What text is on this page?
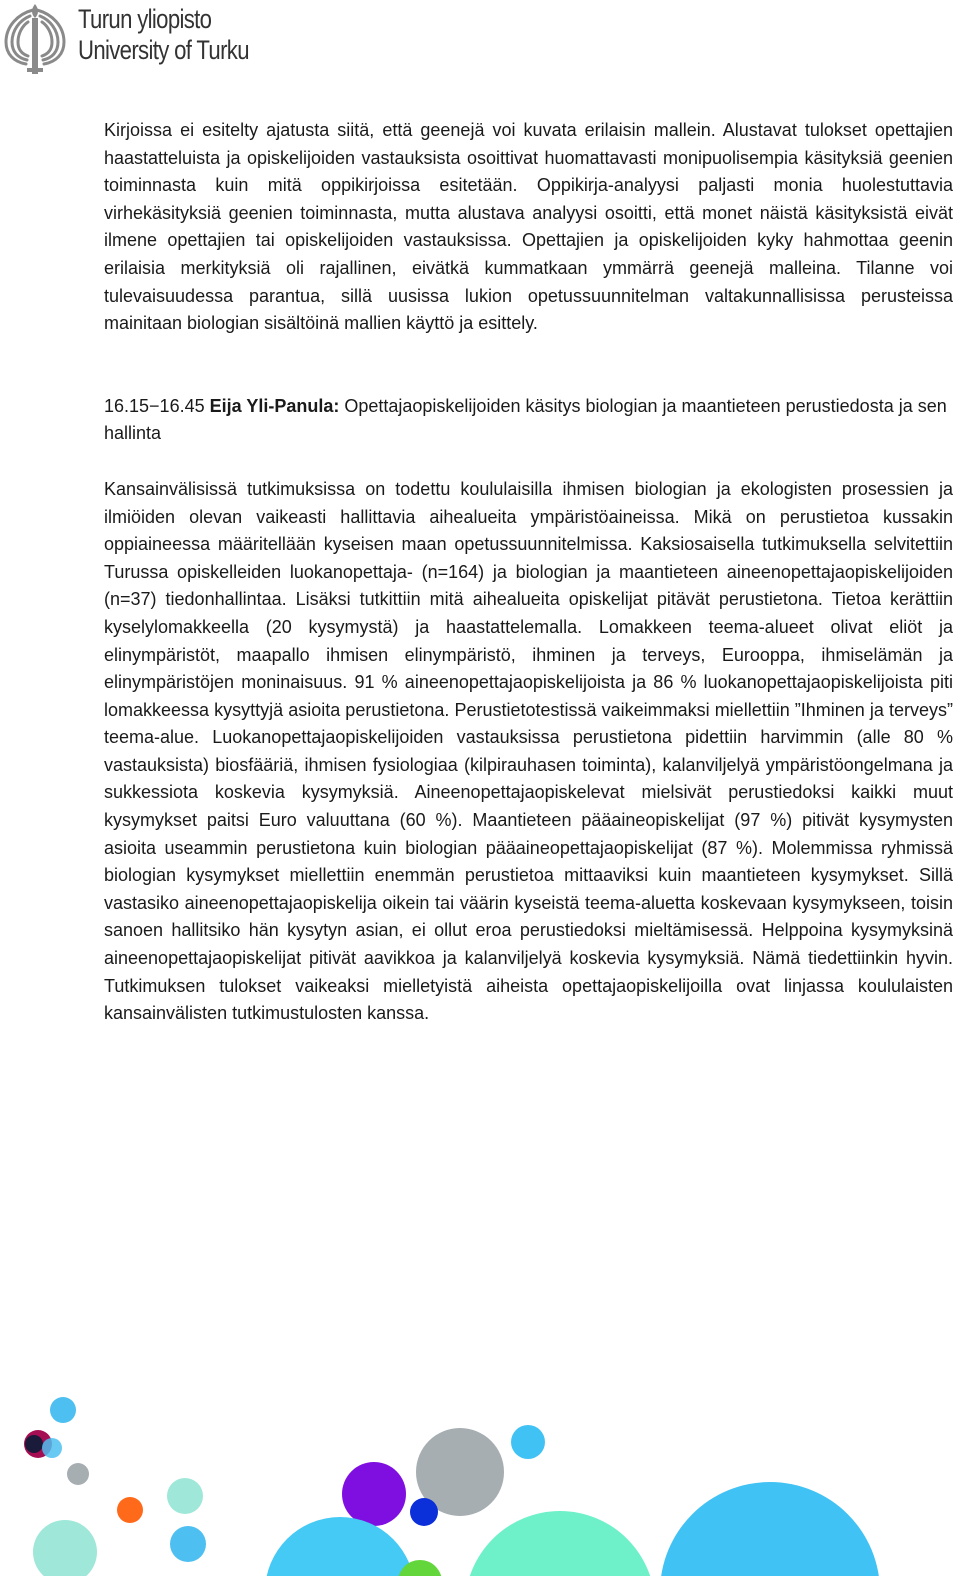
Turun yliopisto
University of Turku

Kirjoissa ei esitelty ajatusta siitä, että geenejä voi kuvata erilaisin mallein. Alustavat tulokset opettajien haastatteluista ja opiskelijoiden vastauksista osoittivat huomattavasti monipuolisempia käsityksiä geenien toiminnasta kuin mitä oppikirjoissa esitetään. Oppikirja-analyysi paljasti monia huolestuttavia virhekäsityksiä geenien toiminnasta, mutta alustava analyysi osoitti, että monet näistä käsityksistä eivät ilmene opettajien tai opiskelijoiden vastauksissa. Opettajien ja opiskelijoiden kyky hahmottaa geenin erilaisia merkityksiä oli rajallinen, eivätkä kummatkaan ymmärrä geenejä malleina. Tilanne voi tulevaisuudessa parantua, sillä uusissa lukion opetussuunnitelman valtakunnallisissa perusteissa mainitaan biologian sisältöinä mallien käyttö ja esittely.

16.15−16.45 Eija Yli-Panula: Opettajaopiskelijoiden käsitys biologian ja maantieteen perustiedosta ja sen hallinta

Kansainvälisissä tutkimuksissa on todettu koululaisilla ihmisen biologian ja ekologisten prosessien ja ilmiöiden olevan vaikeasti hallittavia aihealueita ympäristöaineissa. Mikä on perustietoa kussakin oppiaineessa määritellään kyseisen maan opetussuunnitelmissa. Kaksiosaisella tutkimuksella selvitettiin Turussa opiskelleiden luokanopettaja- (n=164) ja biologian ja maantieteen aineenopettajaopiskelijoiden (n=37) tiedonhallintaa. Lisäksi tutkittiin mitä aihealueita opiskelijat pitävät perustietona. Tietoa kerättiin kyselylomakkeella (20 kysymystä) ja haastattelemalla. Lomakkeen teema-alueet olivat eliöt ja elinympäristöt, maapallo ihmisen elinympäristö, ihminen ja terveys, Eurooppa, ihmiselämän ja elinympäristöjen moninaisuus. 91 % aineenopettajaopiskelijoista ja 86 % luokanopettajaopiskelijoista piti lomakkeessa kysyttyjä asioita perustietona. Perustietotestissä vaikeimmaksi miellettiin ”Ihminen ja terveys” teema-alue. Luokanopettajaopiskelijoiden vastauksissa perustietona pidettiin harvimmin (alle 80 % vastauksista) biosfääriä, ihmisen fysiologiaa (kilpirauhasen toiminta), kalanviljelyä ympäristöongelmana ja sukkessiota koskevia kysymyksiä. Aineenopettajaopiskelevat mielsivät perustiedoksi kaikki muut kysymykset paitsi Euro valuuttana (60 %). Maantieteen pääaineopiskelijat (97 %) pitivät kysymysten asioita useammin perustietona kuin biologian pääaineopettajaopiskelijat (87 %). Molemmissa ryhmissä biologian kysymykset miellettiin enemmän perustietoa mittaaviksi kuin maantieteen kysymykset. Sillä vastasiko aineenopettajaopiskelija oikein tai väärin kyseistä teema-aluetta koskevaan kysymykseen, toisin sanoen hallitsiko hän kysytyn asian, ei ollut eroa perustiedoksi mieltämisessä. Helppoina kysymyksinä aineenopettajaopiskelijat pitivät aavikkoa ja kalanviljelyä koskevia kysymyksiä. Nämä tiedettiinkin hyvin. Tutkimuksen tulokset vaikeaksi mielletyistä aiheista opettajaopiskelijoilla ovat linjassa koululaisten kansainvälisten tutkimustulosten kanssa.
